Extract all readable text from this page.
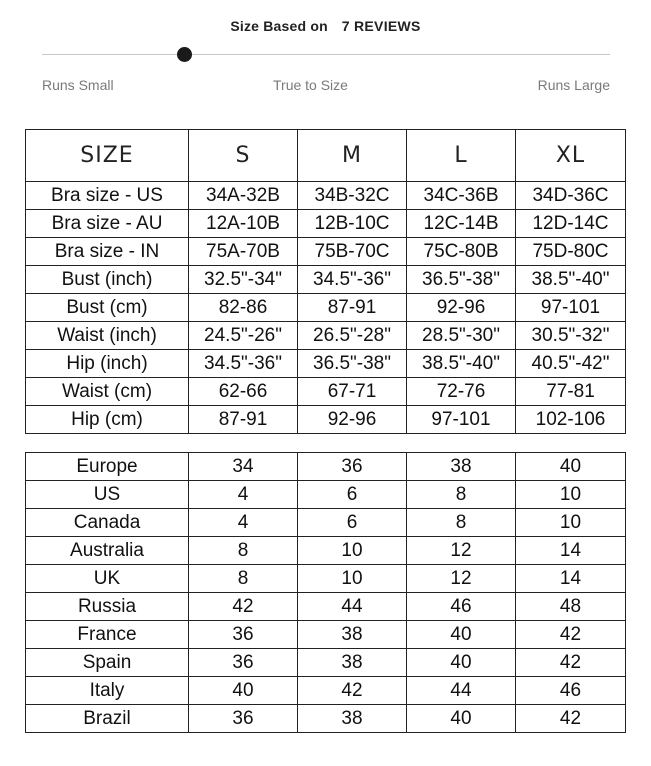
Size Based on 7 REVIEWS
Runs Small	True to Size	Runs Large
SIZE	S	M	L	XL
Bra size - US	34A-32B	34B-32C	34C-36B	34D-36C
Bra size - AU	12A-10B	12B-10C	12C-14B	12D-14C
Bra size - IN	75A-70B	75B-70C	75C-80B	75D-80C
Bust (inch)	32.5"-34"	34.5"-36"	36.5"-38"	38.5"-40"
Bust (cm)	82-86	87-91	92-96	97-101
Waist (inch)	24.5"-26"	26.5"-28"	28.5"-30"	30.5"-32"
Hip (inch)	34.5"-36"	36.5"-38"	38.5"-40"	40.5"-42"
Waist (cm)	62-66	67-71	72-76	77-81
Hip (cm)	87-91	92-96	97-101	102-106
Europe	34	36	38	40
US	4	6	8	10
Canada	4	6	8	10
Australia	8	10	12	14
UK	8	10	12	14
Russia	42	44	46	48
France	36	38	40	42
Spain	36	38	40	42
Italy	40	42	44	46
Brazil	36	38	40	42
